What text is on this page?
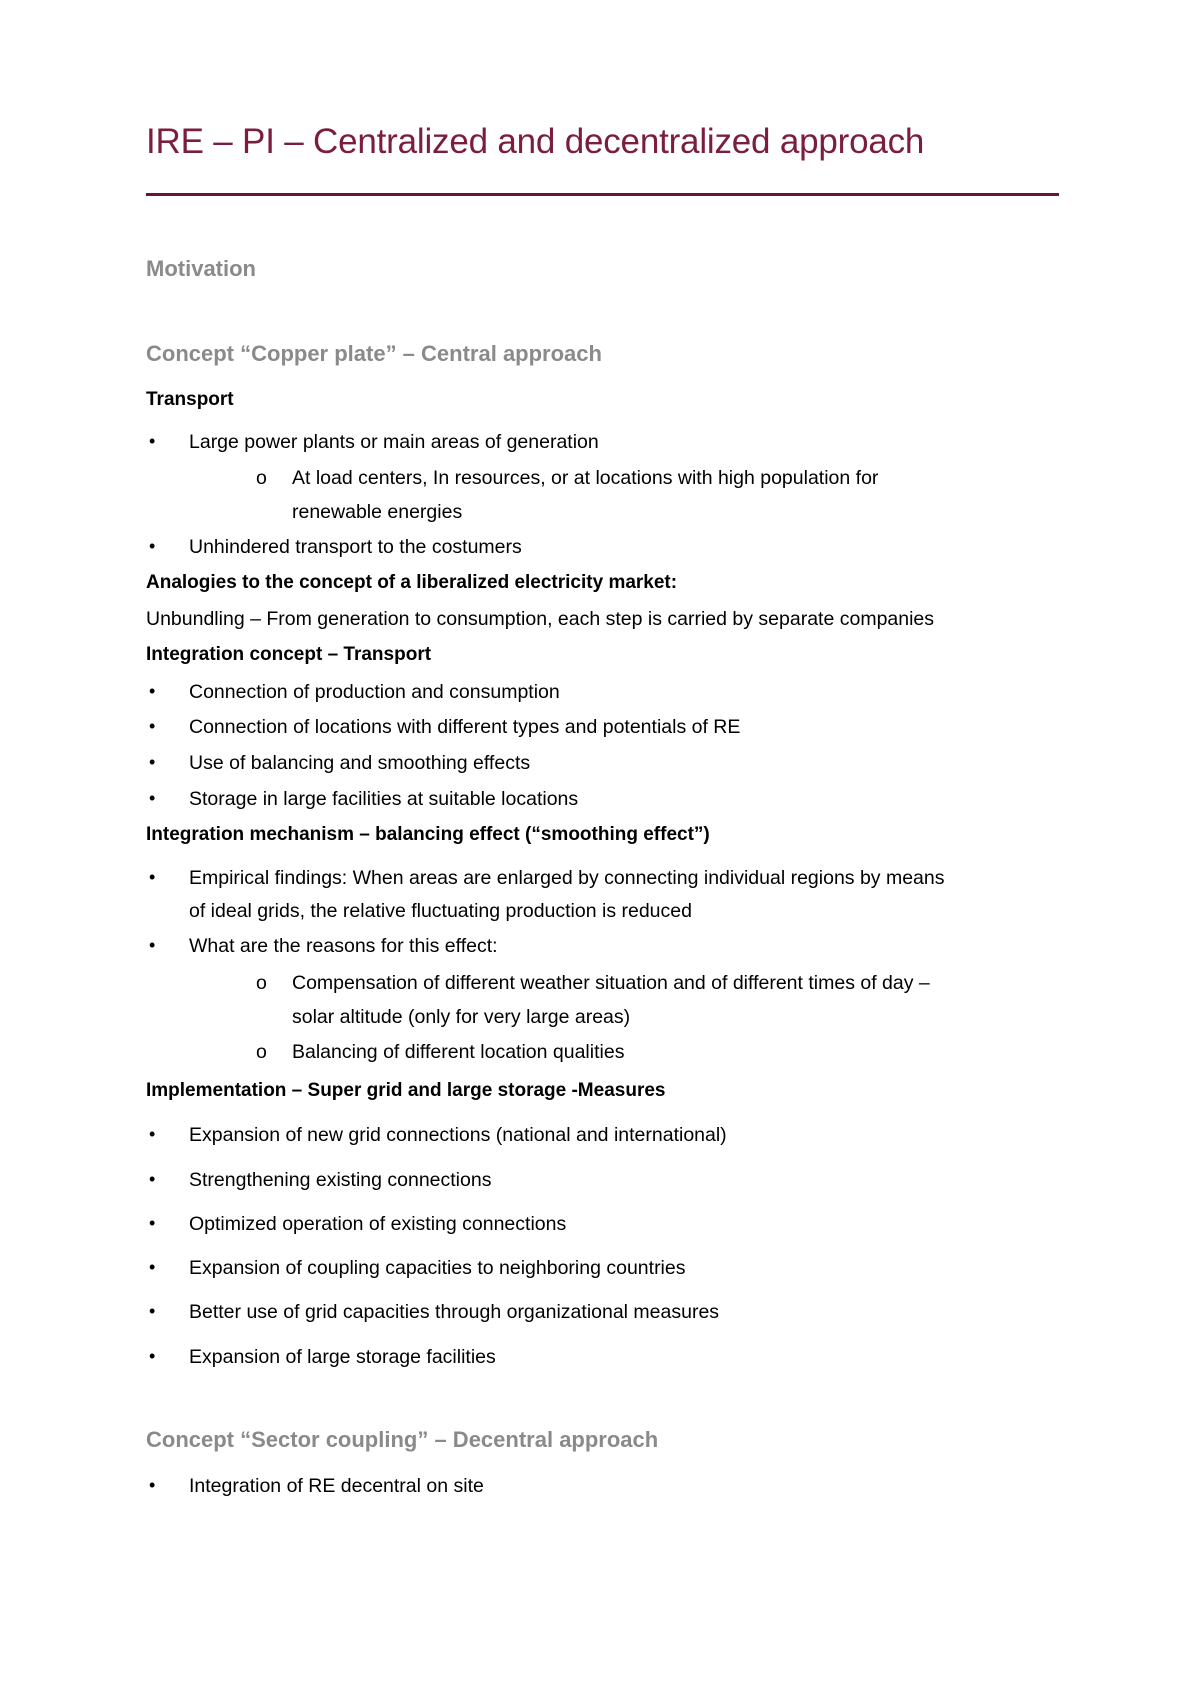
IRE – PI – Centralized and decentralized approach
Motivation
Concept “Copper plate” – Central approach

Transport

• Large power plants or main areas of generation

o At load centers, In resources, or at locations with high population for

renewable energies

• Unhindered transport to the costumers

Analogies to the concept of a liberalized electricity market:

Unbundling – From generation to consumption, each step is carried by separate companies

Integration concept – Transport

• Connection of production and consumption

• Connection of locations with different types and potentials of RE

• Use of balancing and smoothing effects

• Storage in large facilities at suitable locations

Integration mechanism – balancing effect (“smoothing effect”)

• Empirical findings: When areas are enlarged by connecting individual regions by means

of ideal grids, the relative fluctuating production is reduced

• What are the reasons for this effect:

o Compensation of different weather situation and of different times of day –

solar altitude (only for very large areas)

o Balancing of different location qualities

Implementation – Super grid and large storage -Measures

• Expansion of new grid connections (national and international)

• Strengthening existing connections

• Optimized operation of existing connections

• Expansion of coupling capacities to neighboring countries

• Better use of grid capacities through organizational measures

• Expansion of large storage facilities

Concept “Sector coupling” – Decentral approach

• Integration of RE decentral on site
